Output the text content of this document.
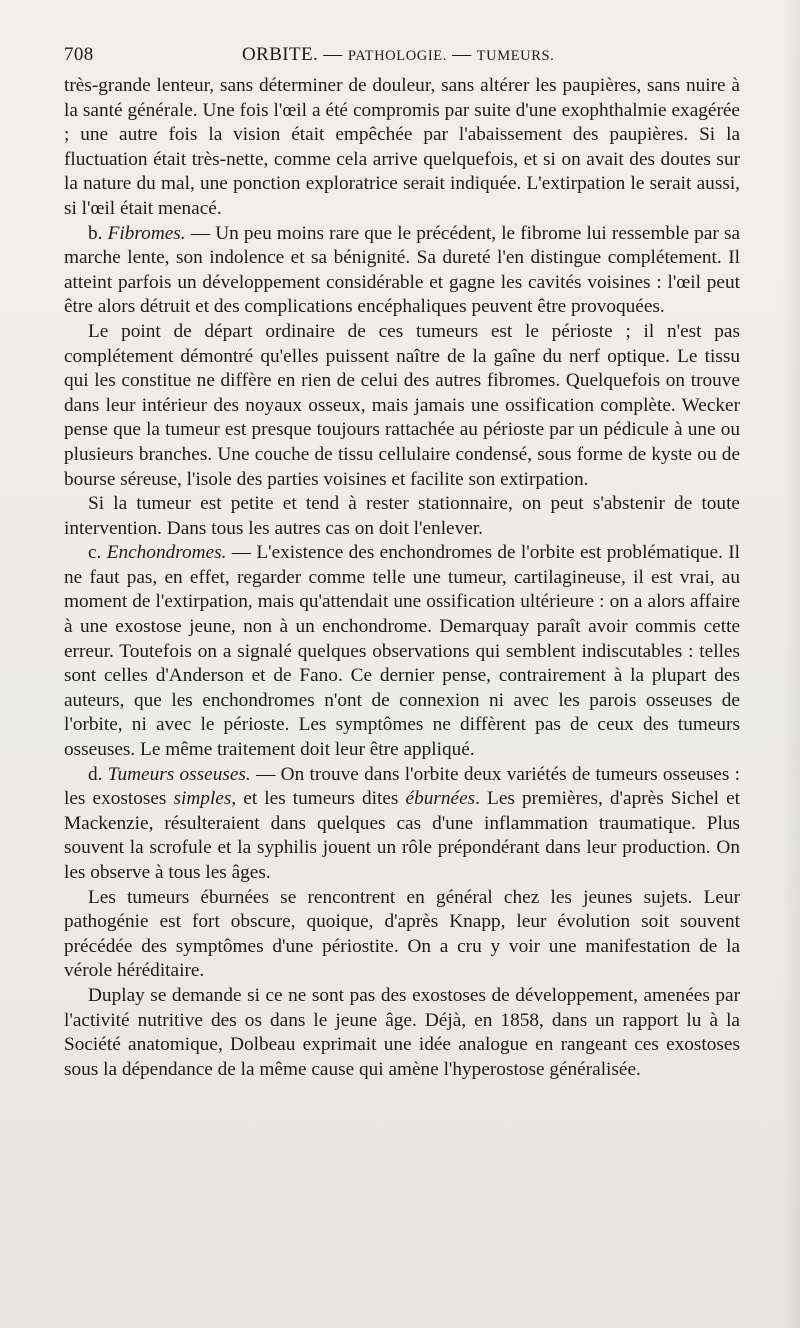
708	ORBITE. — PATHOLOGIE. — TUMEURS.

très-grande lenteur, sans déterminer de douleur, sans altérer les paupières, sans nuire à la santé générale. Une fois l'œil a été compromis par suite d'une exophthalmie exagérée ; une autre fois la vision était empêchée par l'abaissement des paupières. Si la fluctuation était très-nette, comme cela arrive quelquefois, et si on avait des doutes sur la nature du mal, une ponction exploratrice serait indiquée. L'extirpation le serait aussi, si l'œil était menacé.

b. Fibromes. — Un peu moins rare que le précédent, le fibrome lui ressemble par sa marche lente, son indolence et sa bénignité. Sa dureté l'en distingue complétement. Il atteint parfois un développement considérable et gagne les cavités voisines : l'œil peut être alors détruit et des complications encéphaliques peuvent être provoquées.

Le point de départ ordinaire de ces tumeurs est le périoste ; il n'est pas complétement démontré qu'elles puissent naître de la gaîne du nerf optique. Le tissu qui les constitue ne diffère en rien de celui des autres fibromes. Quelquefois on trouve dans leur intérieur des noyaux osseux, mais jamais une ossification complète. Wecker pense que la tumeur est presque toujours rattachée au périoste par un pédicule à une ou plusieurs branches. Une couche de tissu cellulaire condensé, sous forme de kyste ou de bourse séreuse, l'isole des parties voisines et facilite son extirpation.

Si la tumeur est petite et tend à rester stationnaire, on peut s'abstenir de toute intervention. Dans tous les autres cas on doit l'enlever.

c. Enchondromes. — L'existence des enchondromes de l'orbite est problématique. Il ne faut pas, en effet, regarder comme telle une tumeur, cartilagineuse, il est vrai, au moment de l'extirpation, mais qu'attendait une ossification ultérieure : on a alors affaire à une exostose jeune, non à un enchondrome. Demarquay paraît avoir commis cette erreur. Toutefois on a signalé quelques observations qui semblent indiscutables : telles sont celles d'Anderson et de Fano. Ce dernier pense, contrairement à la plupart des auteurs, que les enchondromes n'ont de connexion ni avec les parois osseuses de l'orbite, ni avec le périoste. Les symptômes ne diffèrent pas de ceux des tumeurs osseuses. Le même traitement doit leur être appliqué.

d. Tumeurs osseuses. — On trouve dans l'orbite deux variétés de tumeurs osseuses : les exostoses simples, et les tumeurs dites éburnées. Les premières, d'après Sichel et Mackenzie, résulteraient dans quelques cas d'une inflammation traumatique. Plus souvent la scrofule et la syphilis jouent un rôle prépondérant dans leur production. On les observe à tous les âges.

Les tumeurs éburnées se rencontrent en général chez les jeunes sujets. Leur pathogénie est fort obscure, quoique, d'après Knapp, leur évolution soit souvent précédée des symptômes d'une périostite. On a cru y voir une manifestation de la vérole héréditaire.

Duplay se demande si ce ne sont pas des exostoses de développement, amenées par l'activité nutritive des os dans le jeune âge. Déjà, en 1858, dans un rapport lu à la Société anatomique, Dolbeau exprimait une idée analogue en rangeant ces exostoses sous la dépendance de la même cause qui amène l'hyperostose généralisée.
